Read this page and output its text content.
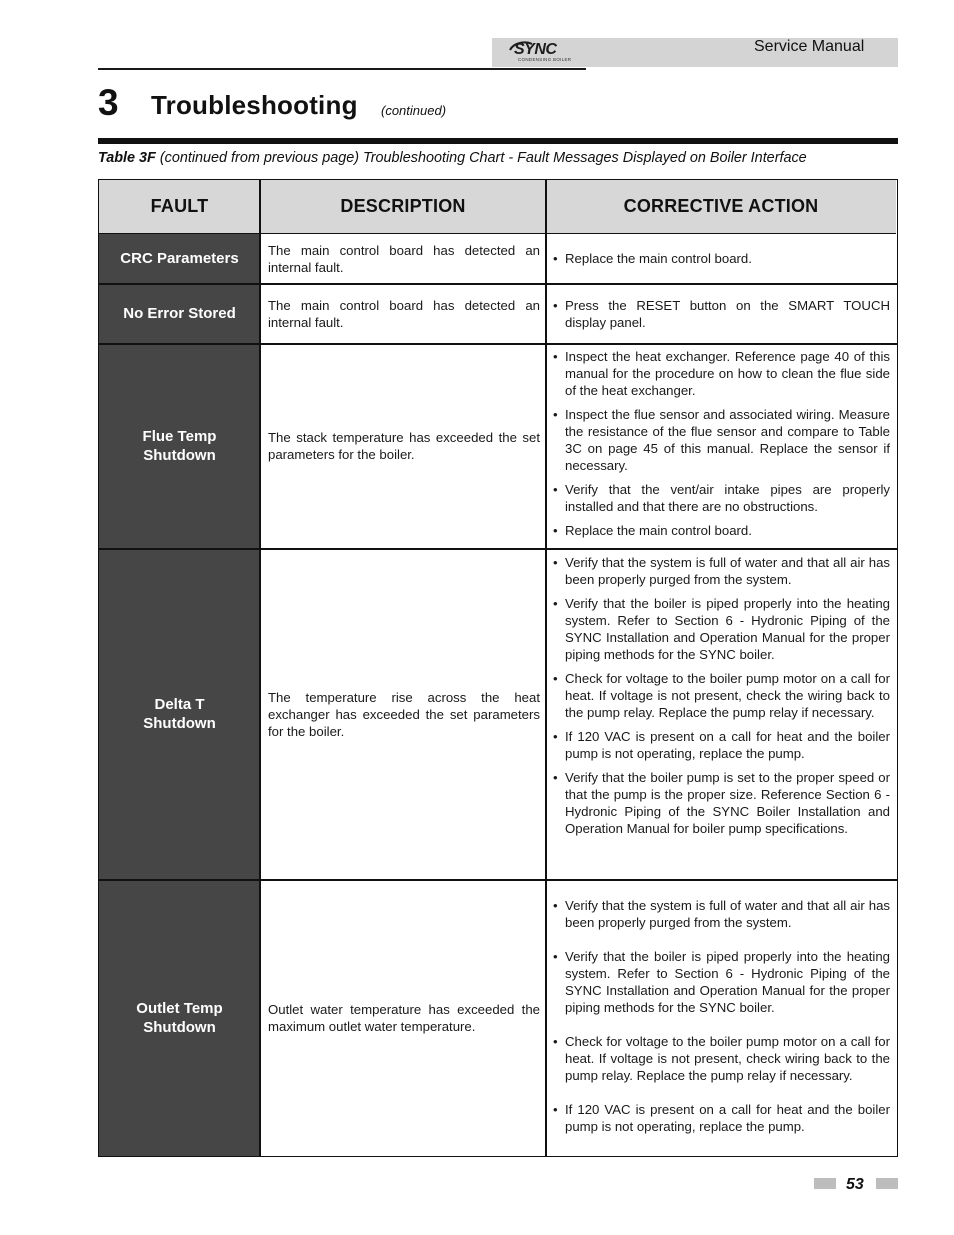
SYNC
CONDENSING BOILER
Service Manual
3 Troubleshooting (continued)
Table 3F (continued from previous page) Troubleshooting Chart - Fault Messages Displayed on Boiler Interface
FAULT	DESCRIPTION	CORRECTIVE ACTION
CRC Parameters The main control board has detected an internal fault.
• Replace the main control board.
No Error Stored The main control board has detected an internal fault.
• Press the RESET button on the SMART TOUCH display panel.
Flue Temp
Shutdown
The stack temperature has exceeded the set parameters for the boiler.
• Inspect the heat exchanger. Reference page 40 of this manual for the procedure on how to clean the flue side of the heat exchanger.
• Inspect the flue sensor and associated wiring. Measure the resistance of the flue sensor and compare to Table 3C on page 45 of this manual. Replace the sensor if necessary.
• Verify that the vent/air intake pipes are properly installed and that there are no obstructions.
• Replace the main control board.
Delta T
Shutdown
The temperature rise across the heat exchanger has exceeded the set parameters for the boiler.
• Verify that the system is full of water and that all air has been properly purged from the system.
• Verify that the boiler is piped properly into the heating system. Refer to Section 6 - Hydronic Piping of the SYNC Installation and Operation Manual for the proper piping methods for the SYNC boiler.
• Check for voltage to the boiler pump motor on a call for heat. If voltage is not present, check the wiring back to the pump relay. Replace the pump relay if necessary.
• If 120 VAC is present on a call for heat and the boiler pump is not operating, replace the pump.
• Verify that the boiler pump is set to the proper speed or that the pump is the proper size. Reference Section 6 - Hydronic Piping of the SYNC Boiler Installation and Operation Manual for boiler pump specifications.
Outlet Temp
Shutdown
Outlet water temperature has exceeded the maximum outlet water temperature.
• Verify that the system is full of water and that all air has been properly purged from the system.
• Verify that the boiler is piped properly into the heating system. Refer to Section 6 - Hydronic Piping of the SYNC Installation and Operation Manual for the proper piping methods for the SYNC boiler.
• Check for voltage to the boiler pump motor on a call for heat. If voltage is not present, check wiring back to the pump relay. Replace the pump relay if necessary.
• If 120 VAC is present on a call for heat and the boiler pump is not operating, replace the pump.
53
